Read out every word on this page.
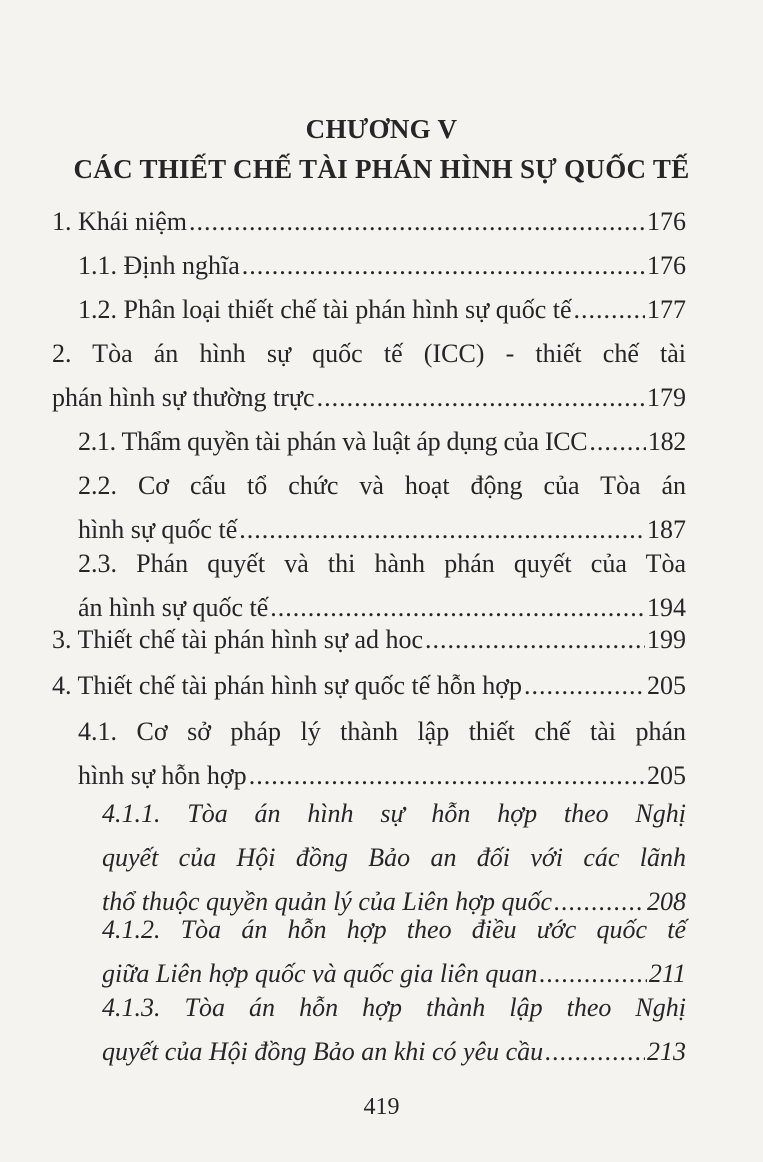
CHƯƠNG V
CÁC THIẾT CHẾ TÀI PHÁN HÌNH SỰ QUỐC TẾ
1. Khái niệm .....	176
1.1. Định nghĩa .....	176
1.2. Phân loại thiết chế tài phán hình sự quốc tế .....	177
2. Tòa án hình sự quốc tế (ICC) - thiết chế tài
phán hình sự thường trực .....	179
2.1. Thẩm quyền tài phán và luật áp dụng của ICC ..... 182
2.2. Cơ cấu tổ chức và hoạt động của Tòa án
hình sự quốc tế .....	187
2.3. Phán quyết và thi hành phán quyết của Tòa
án hình sự quốc tế .....	194
3. Thiết chế tài phán hình sự ad hoc .....	199
4. Thiết chế tài phán hình sự quốc tế hỗn hợp .....	205
4.1. Cơ sở pháp lý thành lập thiết chế tài phán
hình sự hỗn hợp .....	205
4.1.1. Tòa án hình sự hỗn hợp theo Nghị
quyết của Hội đồng Bảo an đối với các lãnh
thổ thuộc quyền quản lý của Liên hợp quốc .....	208
4.1.2. Tòa án hỗn hợp theo điều ước quốc tế
giữa Liên hợp quốc và quốc gia liên quan .....	211
4.1.3. Tòa án hỗn hợp thành lập theo Nghị
quyết của Hội đồng Bảo an khi có yêu cầu .....	213
419
